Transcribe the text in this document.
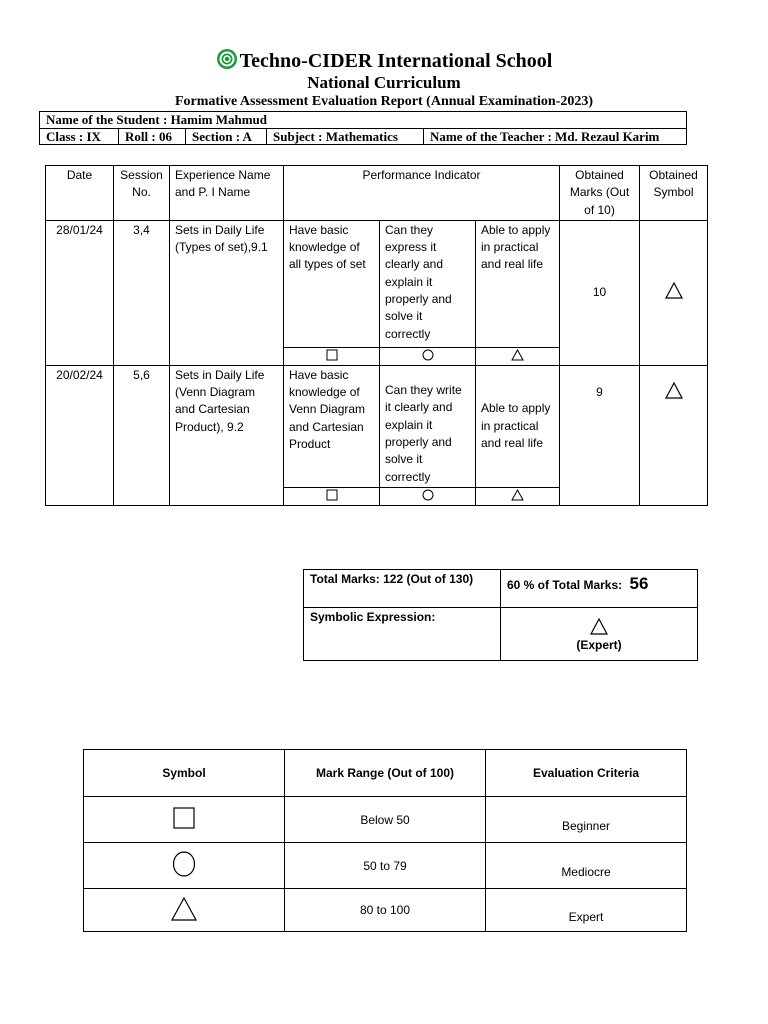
Techno-CIDER International School
National Curriculum
Formative Assessment Evaluation Report (Annual Examination-2023)
Name of the Student : Hamim Mahmud
Class : IX	Roll : 06	Section : A	Subject : Mathematics	Name of the Teacher : Md. Rezaul Karim
Date	Session No.	Experience Name and P. I Name	Performance Indicator			Obtained Marks (Out of 10)	Obtained Symbol
28/01/24	3,4	Sets in Daily Life (Types of set),9.1	Have basic knowledge of all types of set	Can they express it clearly and explain it properly and solve it correctly	Able to apply in practical and real life	10	

20/02/24	5,6	Sets in Daily Life (Venn Diagram and Cartesian Product), 9.2	Have basic knowledge of Venn Diagram and Cartesian Product	Can they write it clearly and explain it properly and solve it correctly	Able to apply in practical and real life	9	

Total Marks: 122 (Out of 130)	60 % of Total Marks: 56
Symbolic Expression:	(Expert)
Symbol	Mark Range (Out of 100)	Evaluation Criteria
	Below 50	Beginner
	50 to 79	Mediocre
	80 to 100	Expert
